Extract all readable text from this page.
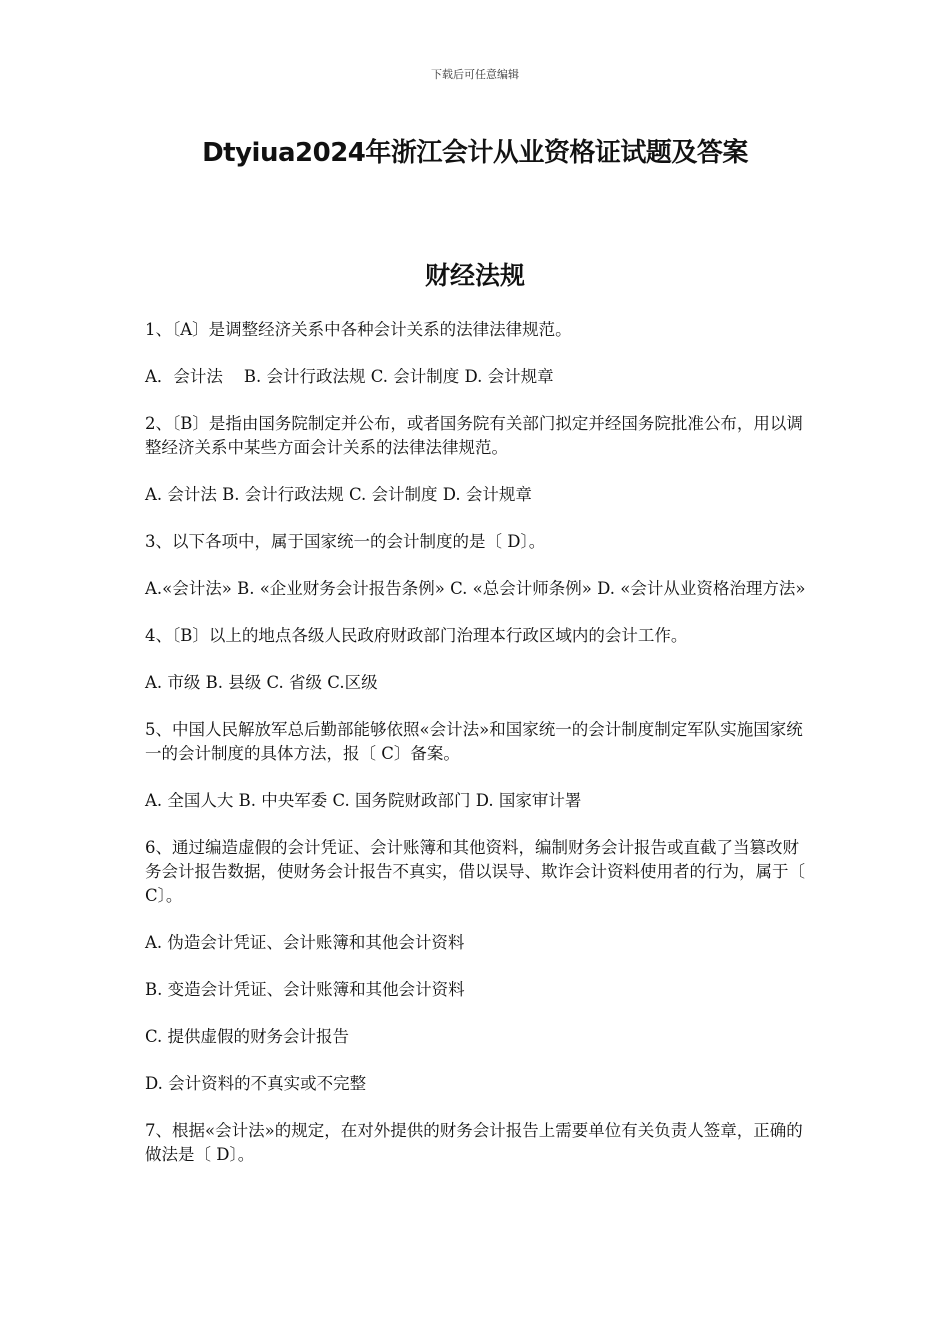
下载后可任意编辑
Dtyiua2024年浙江会计从业资格证试题及答案
财经法规

1、〔A〕是调整经济关系中各种会计关系的法律法律规范。

A．会计法    B. 会计行政法规 C. 会计制度 D. 会计规章

2、〔B〕是指由国务院制定并公布，或者国务院有关部门拟定并经国务院批准公布，用以调整经济关系中某些方面会计关系的法律法律规范。

A. 会计法 B. 会计行政法规 C. 会计制度 D. 会计规章

3、以下各项中，属于国家统一的会计制度的是〔 D〕。

A.«会计法» B. «企业财务会计报告条例» C. «总会计师条例» D. «会计从业资格治理方法»

4、〔B〕以上的地点各级人民政府财政部门治理本行政区域内的会计工作。

A. 市级 B. 县级 C. 省级 C.区级

5、中国人民解放军总后勤部能够依照«会计法»和国家统一的会计制度制定军队实施国家统一的会计制度的具体方法，报〔 C〕备案。

A. 全国人大 B. 中央军委 C. 国务院财政部门 D. 国家审计署

6、通过编造虚假的会计凭证、会计账簿和其他资料，编制财务会计报告或直截了当篡改财务会计报告数据，使财务会计报告不真实，借以误导、欺诈会计资料使用者的行为，属于〔 C〕。

A. 伪造会计凭证、会计账簿和其他会计资料

B. 变造会计凭证、会计账簿和其他会计资料

C. 提供虚假的财务会计报告

D. 会计资料的不真实或不完整

7、根据«会计法»的规定，在对外提供的财务会计报告上需要单位有关负责人签章，正确的做法是〔 D〕。
